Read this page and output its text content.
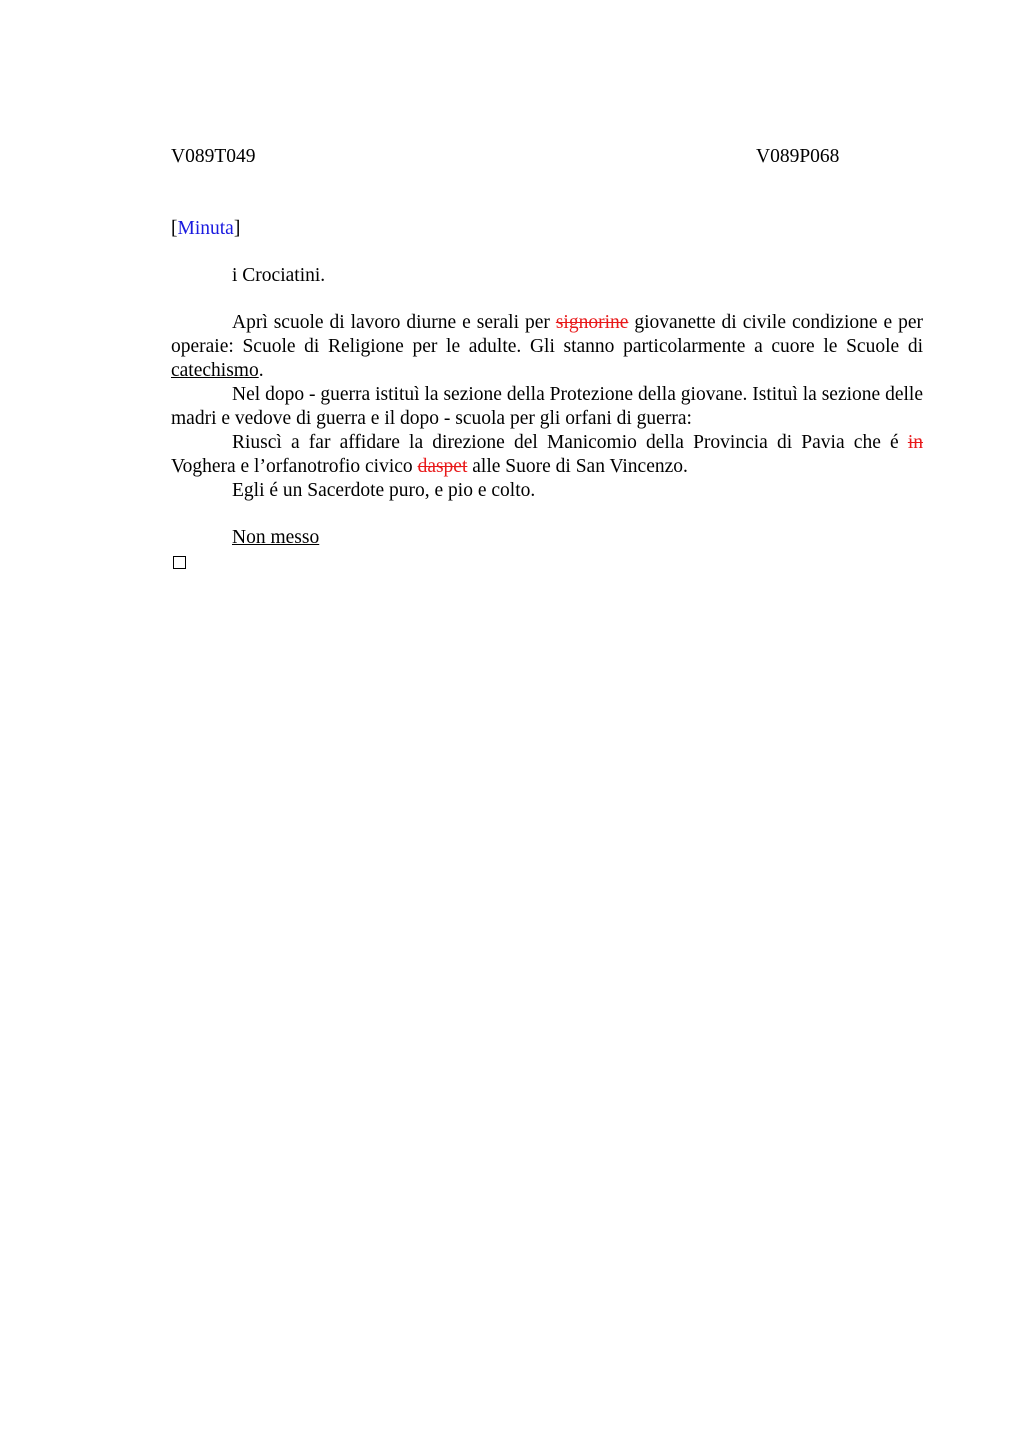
V089T049	V089P068
[Minuta]
i Crociatini.

Aprì scuole di lavoro diurne e serali per signorine giovanette di civile condizione e per operaie: Scuole di Religione per le adulte. Gli stanno particolarmente a cuore le Scuole di catechismo.

Nel dopo - guerra istituì la sezione della Protezione della giovane. Istituì la sezione delle madri e vedove di guerra e il dopo - scuola per gli orfani di guerra:

Riuscì a far affidare la direzione del Manicomio della Provincia di Pavia che é in Voghera e l’orfanotrofio civico daspet alle Suore di San Vincenzo.

Egli é un Sacerdote puro, e pio e colto.

Non messo
